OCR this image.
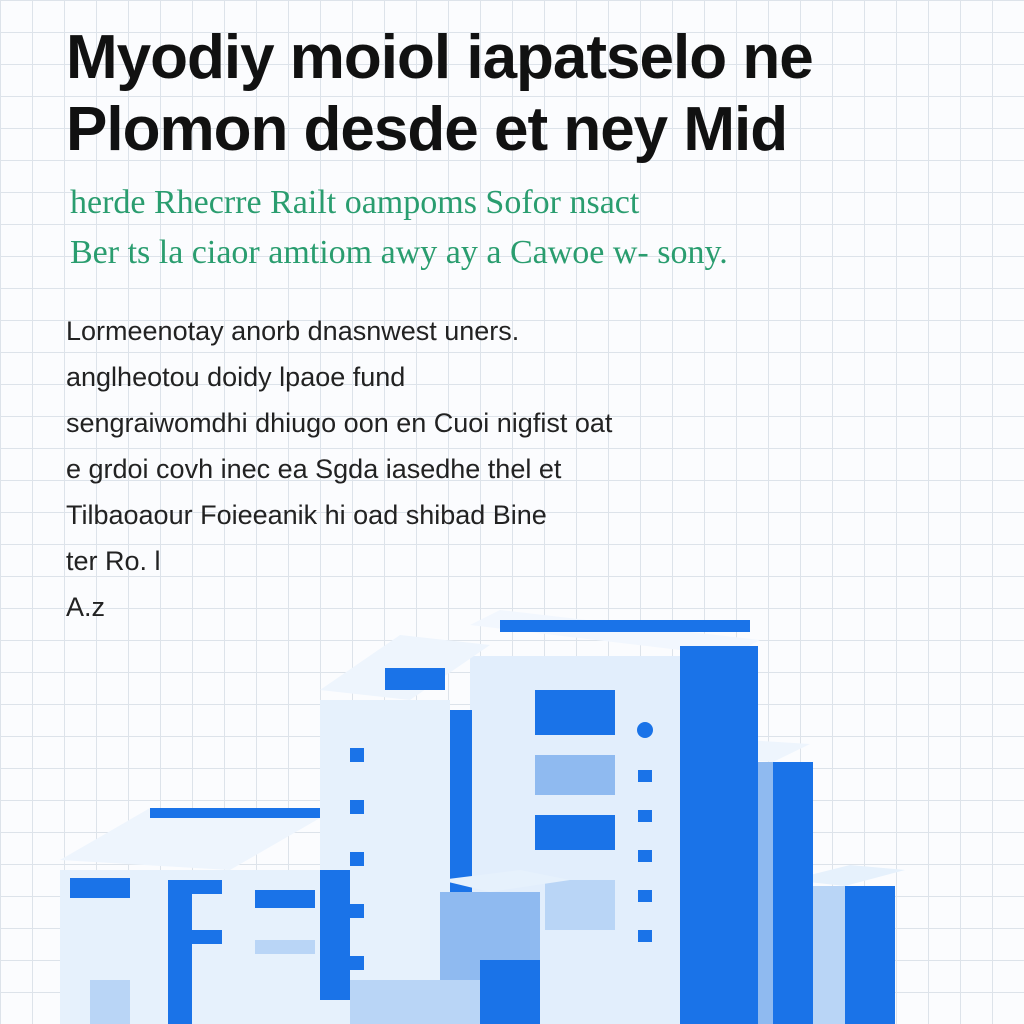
Myodiy moiol iapatselo ne
Plomon desde et ney Mid

herde Rhecrre Railt oampoms Sofor nsact
Ber ts la ciaor amtiom awy ay a Cawoe w- sony.

Lormeenotay anorb dnasnwest uners.
anglheotou doidy lpaoe fund
sengraiwomdhi dhiugo oon en Cuoi nigfist oat
e grdoi covh inec ea Sgda iasedhe thel et
Tilbaoaour Foieeanik hi oad shibad Bine
ter Ro. l
A.z
